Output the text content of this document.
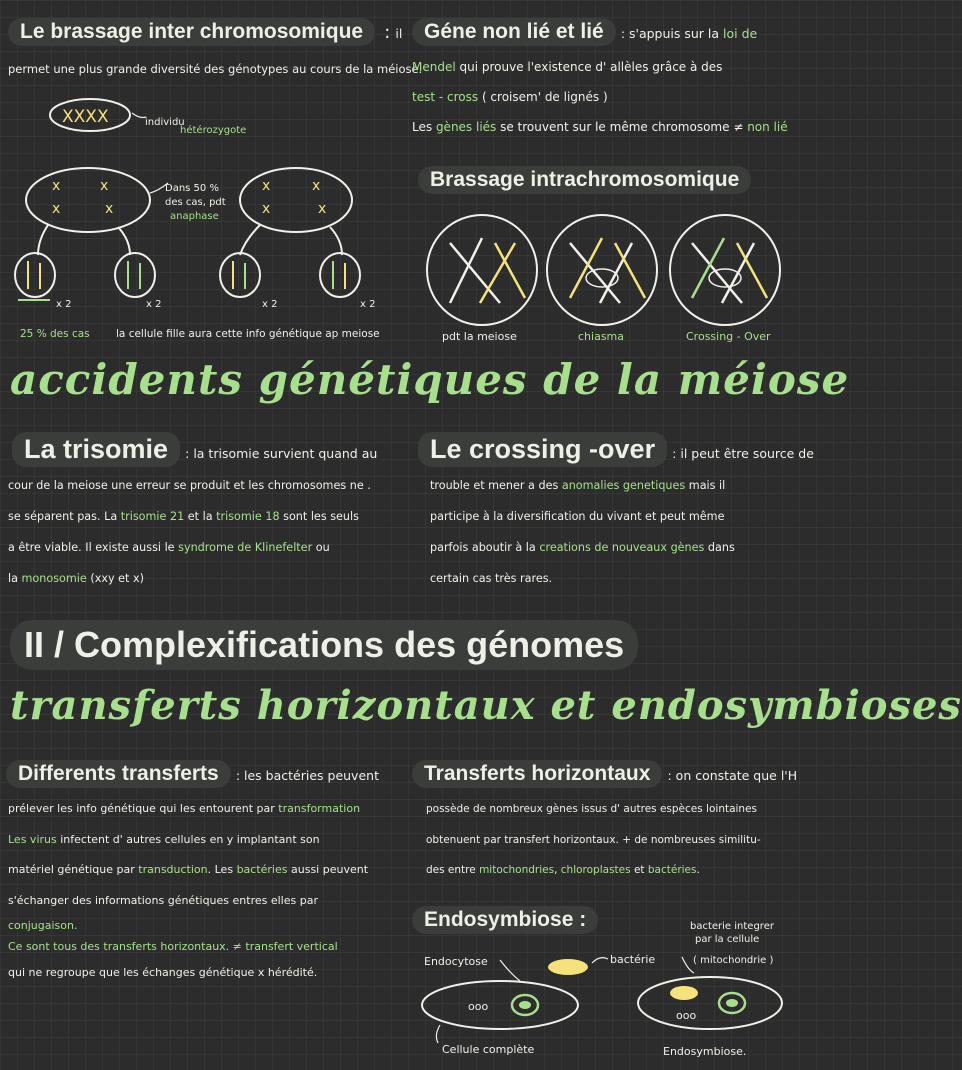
Le brassage inter chromosomique : il
permet une plus grande diversité des génotypes au cours de la méiose.
XXXX	individu
hétérozygote
x
x
x
x
x
x
x
x
Dans 50 %
des cas, pdt
anaphase
x 2	x 2	x 2	x 2
25 % des cas	la cellule fille aura cette info génétique ap meiose
Géne non lié et lié : s'appuis sur la loi de
Mendel qui prouve l'existence d' allèles grâce à des
test - cross ( croisem' de lignés )
Les gènes liés se trouvent sur le même chromosome ≠ non lié
Brassage intrachromosomique
pdt la meiose	chiasma	Crossing - Over
accidents génétiques de la méiose
La trisomie : la trisomie survient quand au
cour de la meiose une erreur se produit et les chromosomes ne .
se séparent pas. La trisomie 21 et la trisomie 18 sont les seuls
a être viable. Il existe aussi le syndrome de Klinefelter ou
la monosomie (xxy et x)
Le crossing -over : il peut être source de
trouble et mener a des anomalies genetiques mais il
participe à la diversification du vivant et peut même
parfois aboutir à la creations de nouveaux gènes dans
certain cas très rares.
II / Complexifications des génomes
transferts horizontaux et endosymbioses
Differents transferts : les bactéries peuvent
prélever les info génétique qui les entourent par transformation
Les virus infectent d' autres cellules en y implantant son
matériel génétique par transduction. Les bactéries aussi peuvent
s'échanger des informations génétiques entres elles par
conjugaison.
Ce sont tous des transferts horizontaux. ≠ transfert vertical
qui ne regroupe que les échanges génétique x hérédité.
Transferts horizontaux : on constate que l'H
possède de nombreux gènes issus d' autres espèces lointaines
obtenuent par transfert horizontaux. + de nombreuses similitu-
des entre mitochondries, chloroplastes et bactéries.
Endosymbiose :	bacterie integrer
par la cellule
( mitochondrie )
Endocytose	bactérie
ooo
Cellule complète
ooo
Endosymbiose.
